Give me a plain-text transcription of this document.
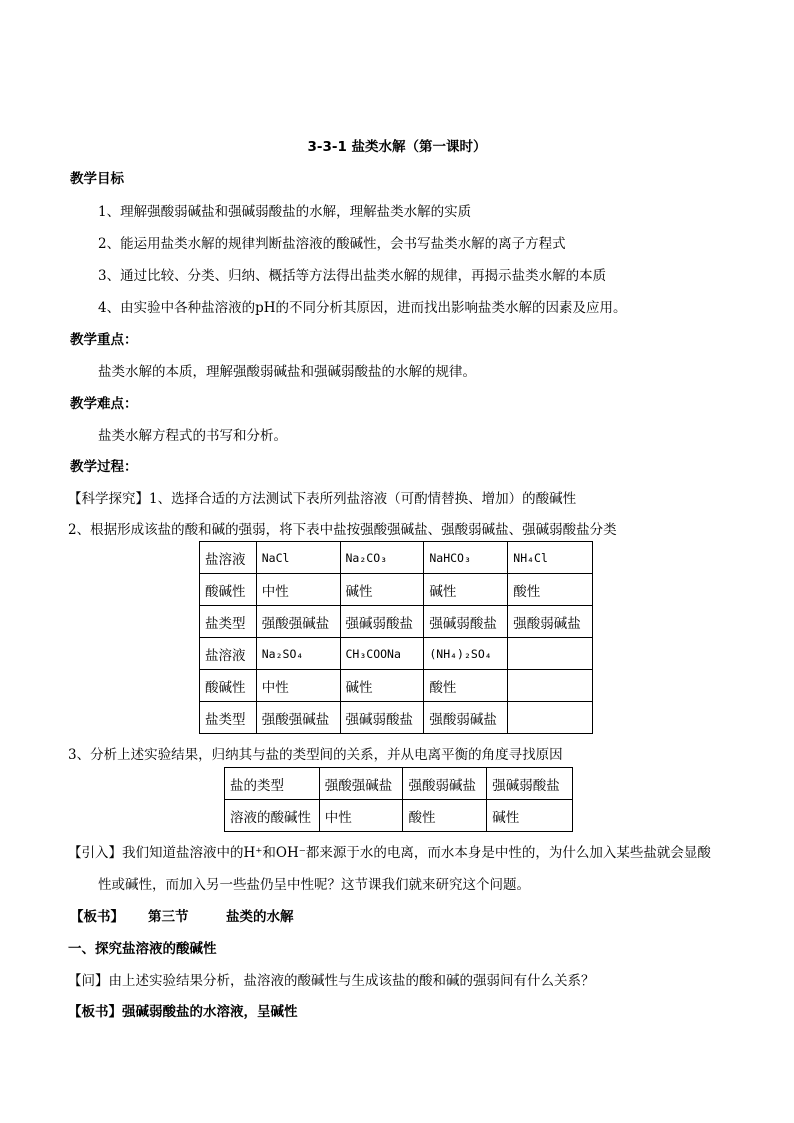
3-3-1 盐类水解（第一课时）
教学目标
1、理解强酸弱碱盐和强碱弱酸盐的水解，理解盐类水解的实质
2、能运用盐类水解的规律判断盐溶液的酸碱性，会书写盐类水解的离子方程式
3、通过比较、分类、归纳、概括等方法得出盐类水解的规律，再揭示盐类水解的本质
4、由实验中各种盐溶液的pH的不同分析其原因，进而找出影响盐类水解的因素及应用。
教学重点：
盐类水解的本质，理解强酸弱碱盐和强碱弱酸盐的水解的规律。
教学难点：
盐类水解方程式的书写和分析。
教学过程：
【科学探究】1、选择合适的方法测试下表所列盐溶液（可酌情替换、增加）的酸碱性
2、根据形成该盐的酸和碱的强弱，将下表中盐按强酸强碱盐、强酸弱碱盐、强碱弱酸盐分类
盐溶液	NaCl	Na₂CO₃	NaHCO₃	NH₄Cl
酸碱性	中性	碱性	碱性	酸性
盐类型	强酸强碱盐	强碱弱酸盐	强碱弱酸盐	强酸弱碱盐
盐溶液	Na₂SO₄	CH₃COONa	(NH₄)₂SO₄	
酸碱性	中性	碱性	酸性	
盐类型	强酸强碱盐	强碱弱酸盐	强酸弱碱盐	
3、分析上述实验结果，归纳其与盐的类型间的关系，并从电离平衡的角度寻找原因
盐的类型	强酸强碱盐	强酸弱碱盐	强碱弱酸盐
溶液的酸碱性	中性	酸性	碱性
【引入】我们知道盐溶液中的H⁺和OH⁻都来源于水的电离，而水本身是中性的，为什么加入某些盐就会显酸
性或碱性，而加入另一些盐仍呈中性呢？这节课我们就来研究这个问题。
【板书】 第三节	盐类的水解
一、探究盐溶液的酸碱性
【问】由上述实验结果分析，盐溶液的酸碱性与生成该盐的酸和碱的强弱间有什么关系？
【板书】强碱弱酸盐的水溶液，呈碱性
